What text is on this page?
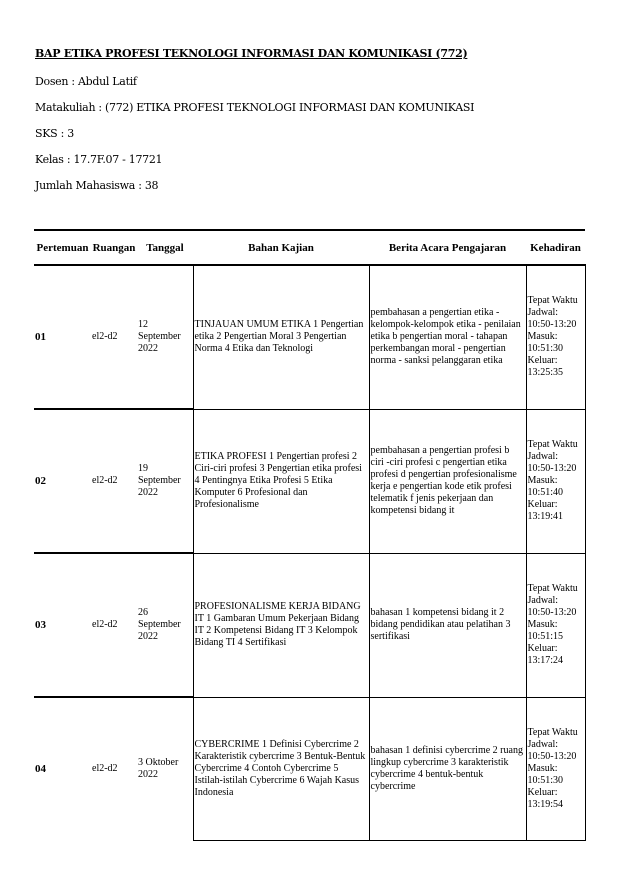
BAP ETIKA PROFESI TEKNOLOGI INFORMASI DAN KOMUNIKASI (772)
Dosen : Abdul Latif
Matakuliah : (772) ETIKA PROFESI TEKNOLOGI INFORMASI DAN KOMUNIKASI
SKS : 3
Kelas : 17.7F.07 - 17721
Jumlah Mahasiswa : 38
Pertemuan	Ruangan	Tanggal	Bahan Kajian	Berita Acara Pengajaran	Kehadiran
01	el2-d2	12 September 2022	TINJAUAN UMUM ETIKA 1 Pengertian etika 2 Pengertian Moral 3 Pengertian Norma 4 Etika dan Teknologi	pembahasan a pengertian etika - kelompok-kelompok etika - penilaian etika b pengertian moral - tahapan perkembangan moral - pengertian norma - sanksi pelanggaran etika	Tepat Waktu Jadwal: 10:50-13:20 Masuk: 10:51:30 Keluar: 13:25:35
02	el2-d2	19 September 2022	ETIKA PROFESI 1 Pengertian profesi 2 Ciri-ciri profesi 3 Pengertian etika profesi 4 Pentingnya Etika Profesi 5 Etika Komputer 6 Profesional dan Profesionalisme	pembahasan a pengertian profesi b ciri -ciri profesi c pengertian etika profesi d pengertian profesionalisme kerja e pengertian kode etik profesi telematik f jenis pekerjaan dan kompetensi bidang it	Tepat Waktu Jadwal: 10:50-13:20 Masuk: 10:51:40 Keluar: 13:19:41
03	el2-d2	26 September 2022	PROFESIONALISME KERJA BIDANG IT 1 Gambaran Umum Pekerjaan Bidang IT 2 Kompetensi Bidang IT 3 Kelompok Bidang TI 4 Sertifikasi	bahasan 1 kompetensi bidang it 2 bidang pendidikan atau pelatihan 3 sertifikasi	Tepat Waktu Jadwal: 10:50-13:20 Masuk: 10:51:15 Keluar: 13:17:24
04	el2-d2	3 Oktober 2022	CYBERCRIME 1 Definisi Cybercrime 2 Karakteristik cybercrime 3 Bentuk-Bentuk Cybercrime 4 Contoh Cybercrime 5 Istilah-istilah Cybercrime 6 Wajah Kasus Indonesia	bahasan 1 definisi cybercrime 2 ruang lingkup cybercrime 3 karakteristik cybercrime 4 bentuk-bentuk cybercrime	Tepat Waktu Jadwal: 10:50-13:20 Masuk: 10:51:30 Keluar: 13:19:54
